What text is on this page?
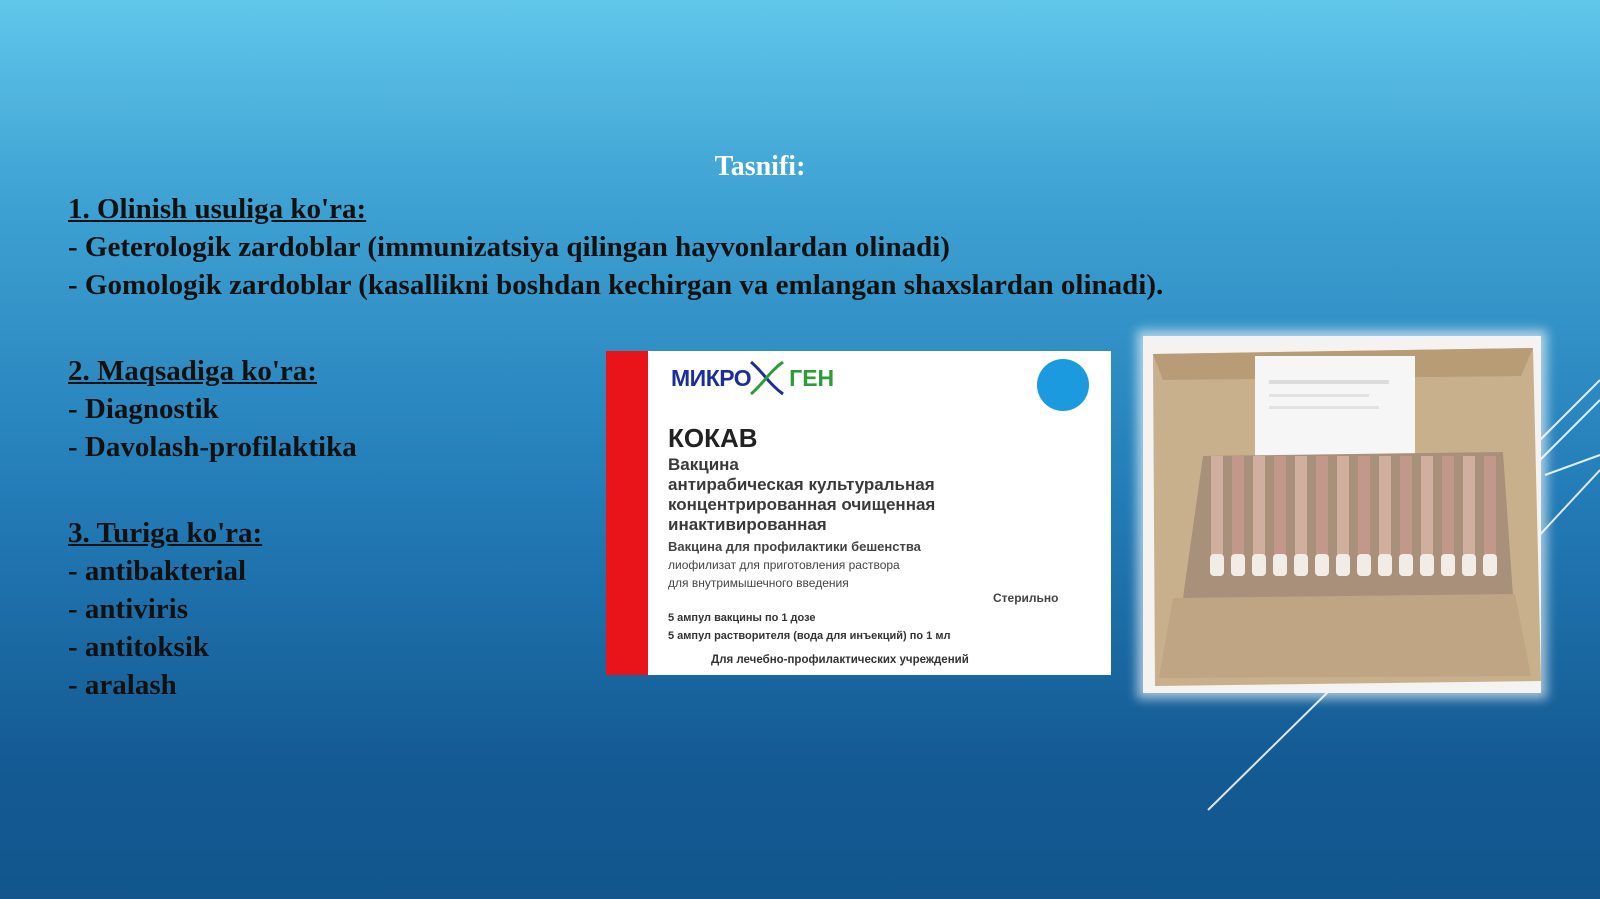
Tasnifi:
1. Olinish usuliga ko'ra:
- Geterologik zardoblar (immunizatsiya qilingan hayvonlardan olinadi)
- Gomologik zardoblar (kasallikni boshdan kechirgan va emlangan shaxslardan olinadi).
2. Maqsadiga ko'ra:
- Diagnostik
- Davolash-profilaktika
3. Turiga ko'ra:
- antibakterial
- antiviris
- antitoksik
- aralash
МИКРО ГЕН
КОКАВ
Вакцина
антирабическая культуральная
концентрированная очищенная
инактивированная
Вакцина для профилактики бешенства
лиофилизат для приготовления раствора
для внутримышечного введения
Стерильно
5 ампул вакцины по 1 дозе
5 ампул растворителя (вода для инъекций) по 1 мл
Для лечебно-профилактических учреждений
